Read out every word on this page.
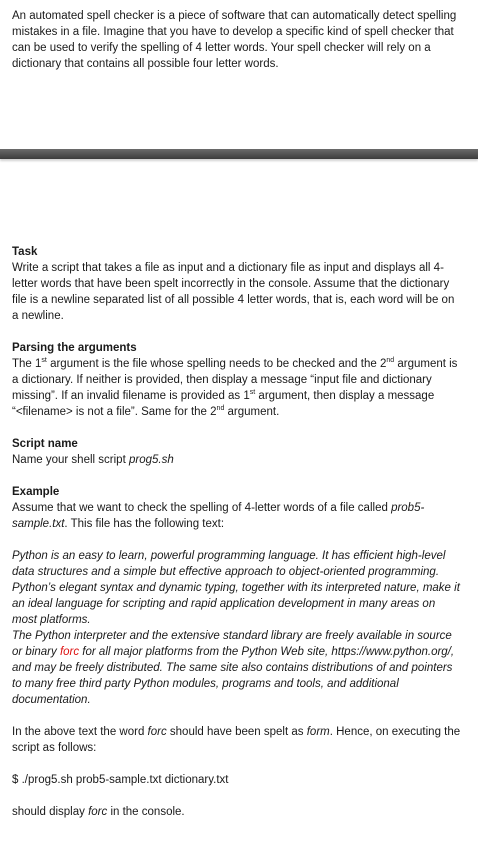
An automated spell checker is a piece of software that can automatically detect spelling mistakes in a file. Imagine that you have to develop a specific kind of spell checker that can be used to verify the spelling of 4 letter words. Your spell checker will rely on a dictionary that contains all possible four letter words.

Task

Write a script that takes a file as input and a dictionary file as input and displays all 4-letter words that have been spelt incorrectly in the console. Assume that the dictionary file is a newline separated list of all possible 4 letter words, that is, each word will be on a newline.

Parsing the arguments

The 1st argument is the file whose spelling needs to be checked and the 2nd argument is a dictionary. If neither is provided, then display a message “input file and dictionary missing”. If an invalid filename is provided as 1st argument, then display a message “<filename> is not a file”. Same for the 2nd argument.

Script name

Name your shell script prog5.sh

Example

Assume that we want to check the spelling of 4-letter words of a file called prob5-sample.txt. This file has the following text:

Python is an easy to learn, powerful programming language. It has efficient high-level data structures and a simple but effective approach to object-oriented programming. Python’s elegant syntax and dynamic typing, together with its interpreted nature, make it an ideal language for scripting and rapid application development in many areas on most platforms.

The Python interpreter and the extensive standard library are freely available in source or binary forc for all major platforms from the Python Web site, https://www.python.org/, and may be freely distributed. The same site also contains distributions of and pointers to many free third party Python modules, programs and tools, and additional documentation.

In the above text the word forc should have been spelt as form. Hence, on executing the script as follows:

$ ./prog5.sh prob5-sample.txt dictionary.txt

should display forc in the console.
